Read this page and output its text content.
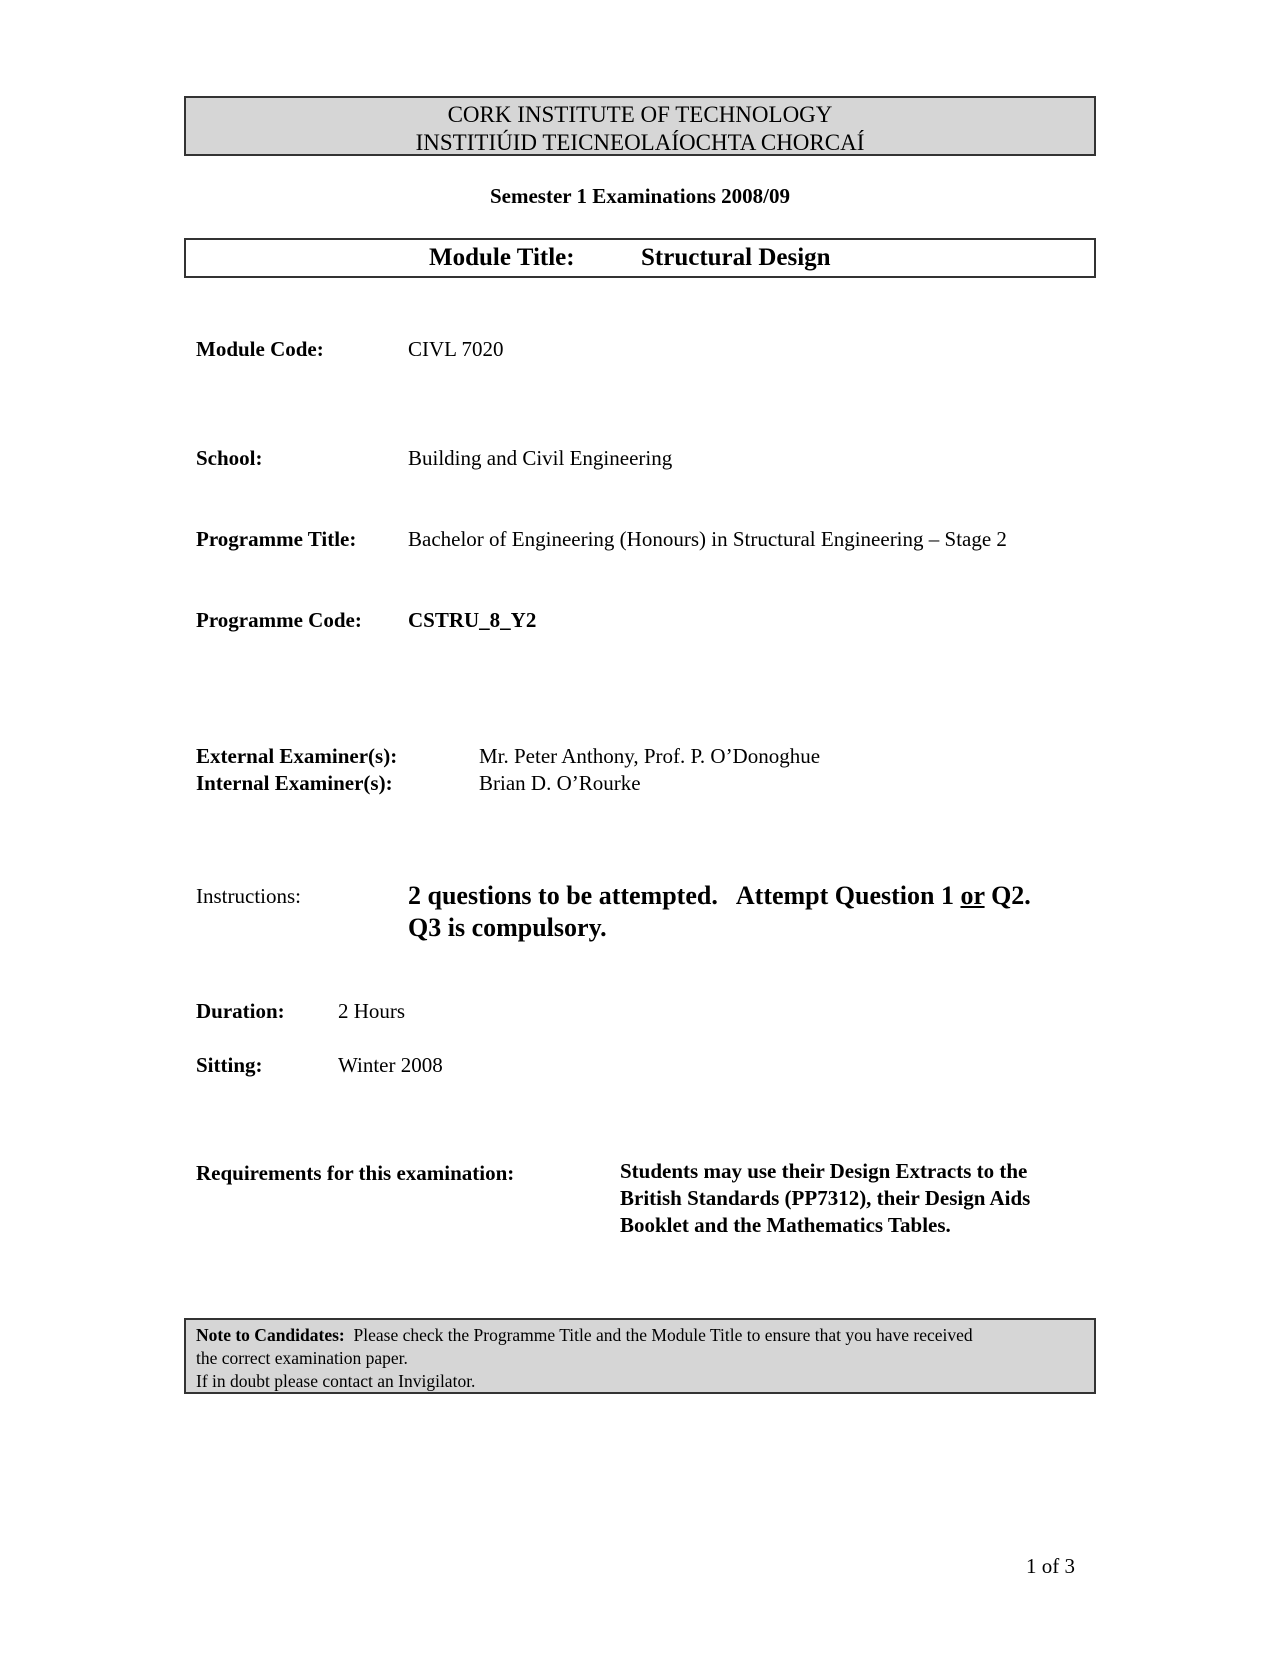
CORK INSTITUTE OF TECHNOLOGY
INSTITIÚID TEICNEOLAÍOCHTA CHORCAÍ
Semester 1 Examinations 2008/09
Module Title:	Structural Design
Module Code:	CIVL 7020
School:	Building and Civil Engineering
Programme Title: Bachelor of Engineering (Honours) in Structural Engineering – Stage 2
Programme Code: CSTRU_8_Y2
External Examiner(s):	Mr. Peter Anthony, Prof. P. O’Donoghue
Internal Examiner(s):	Brian D. O’Rourke
Instructions:	2 questions to be attempted.   Attempt Question 1 or Q2.
Q3 is compulsory.
Duration:	2 Hours
Sitting:	Winter 2008
Requirements for this examination:	Students may use their Design Extracts to the
British Standards (PP7312), their Design Aids
Booklet and the Mathematics Tables.
Note to Candidates:  Please check the Programme Title and the Module Title to ensure that you have received
the correct examination paper.
If in doubt please contact an Invigilator.
1 of 3
